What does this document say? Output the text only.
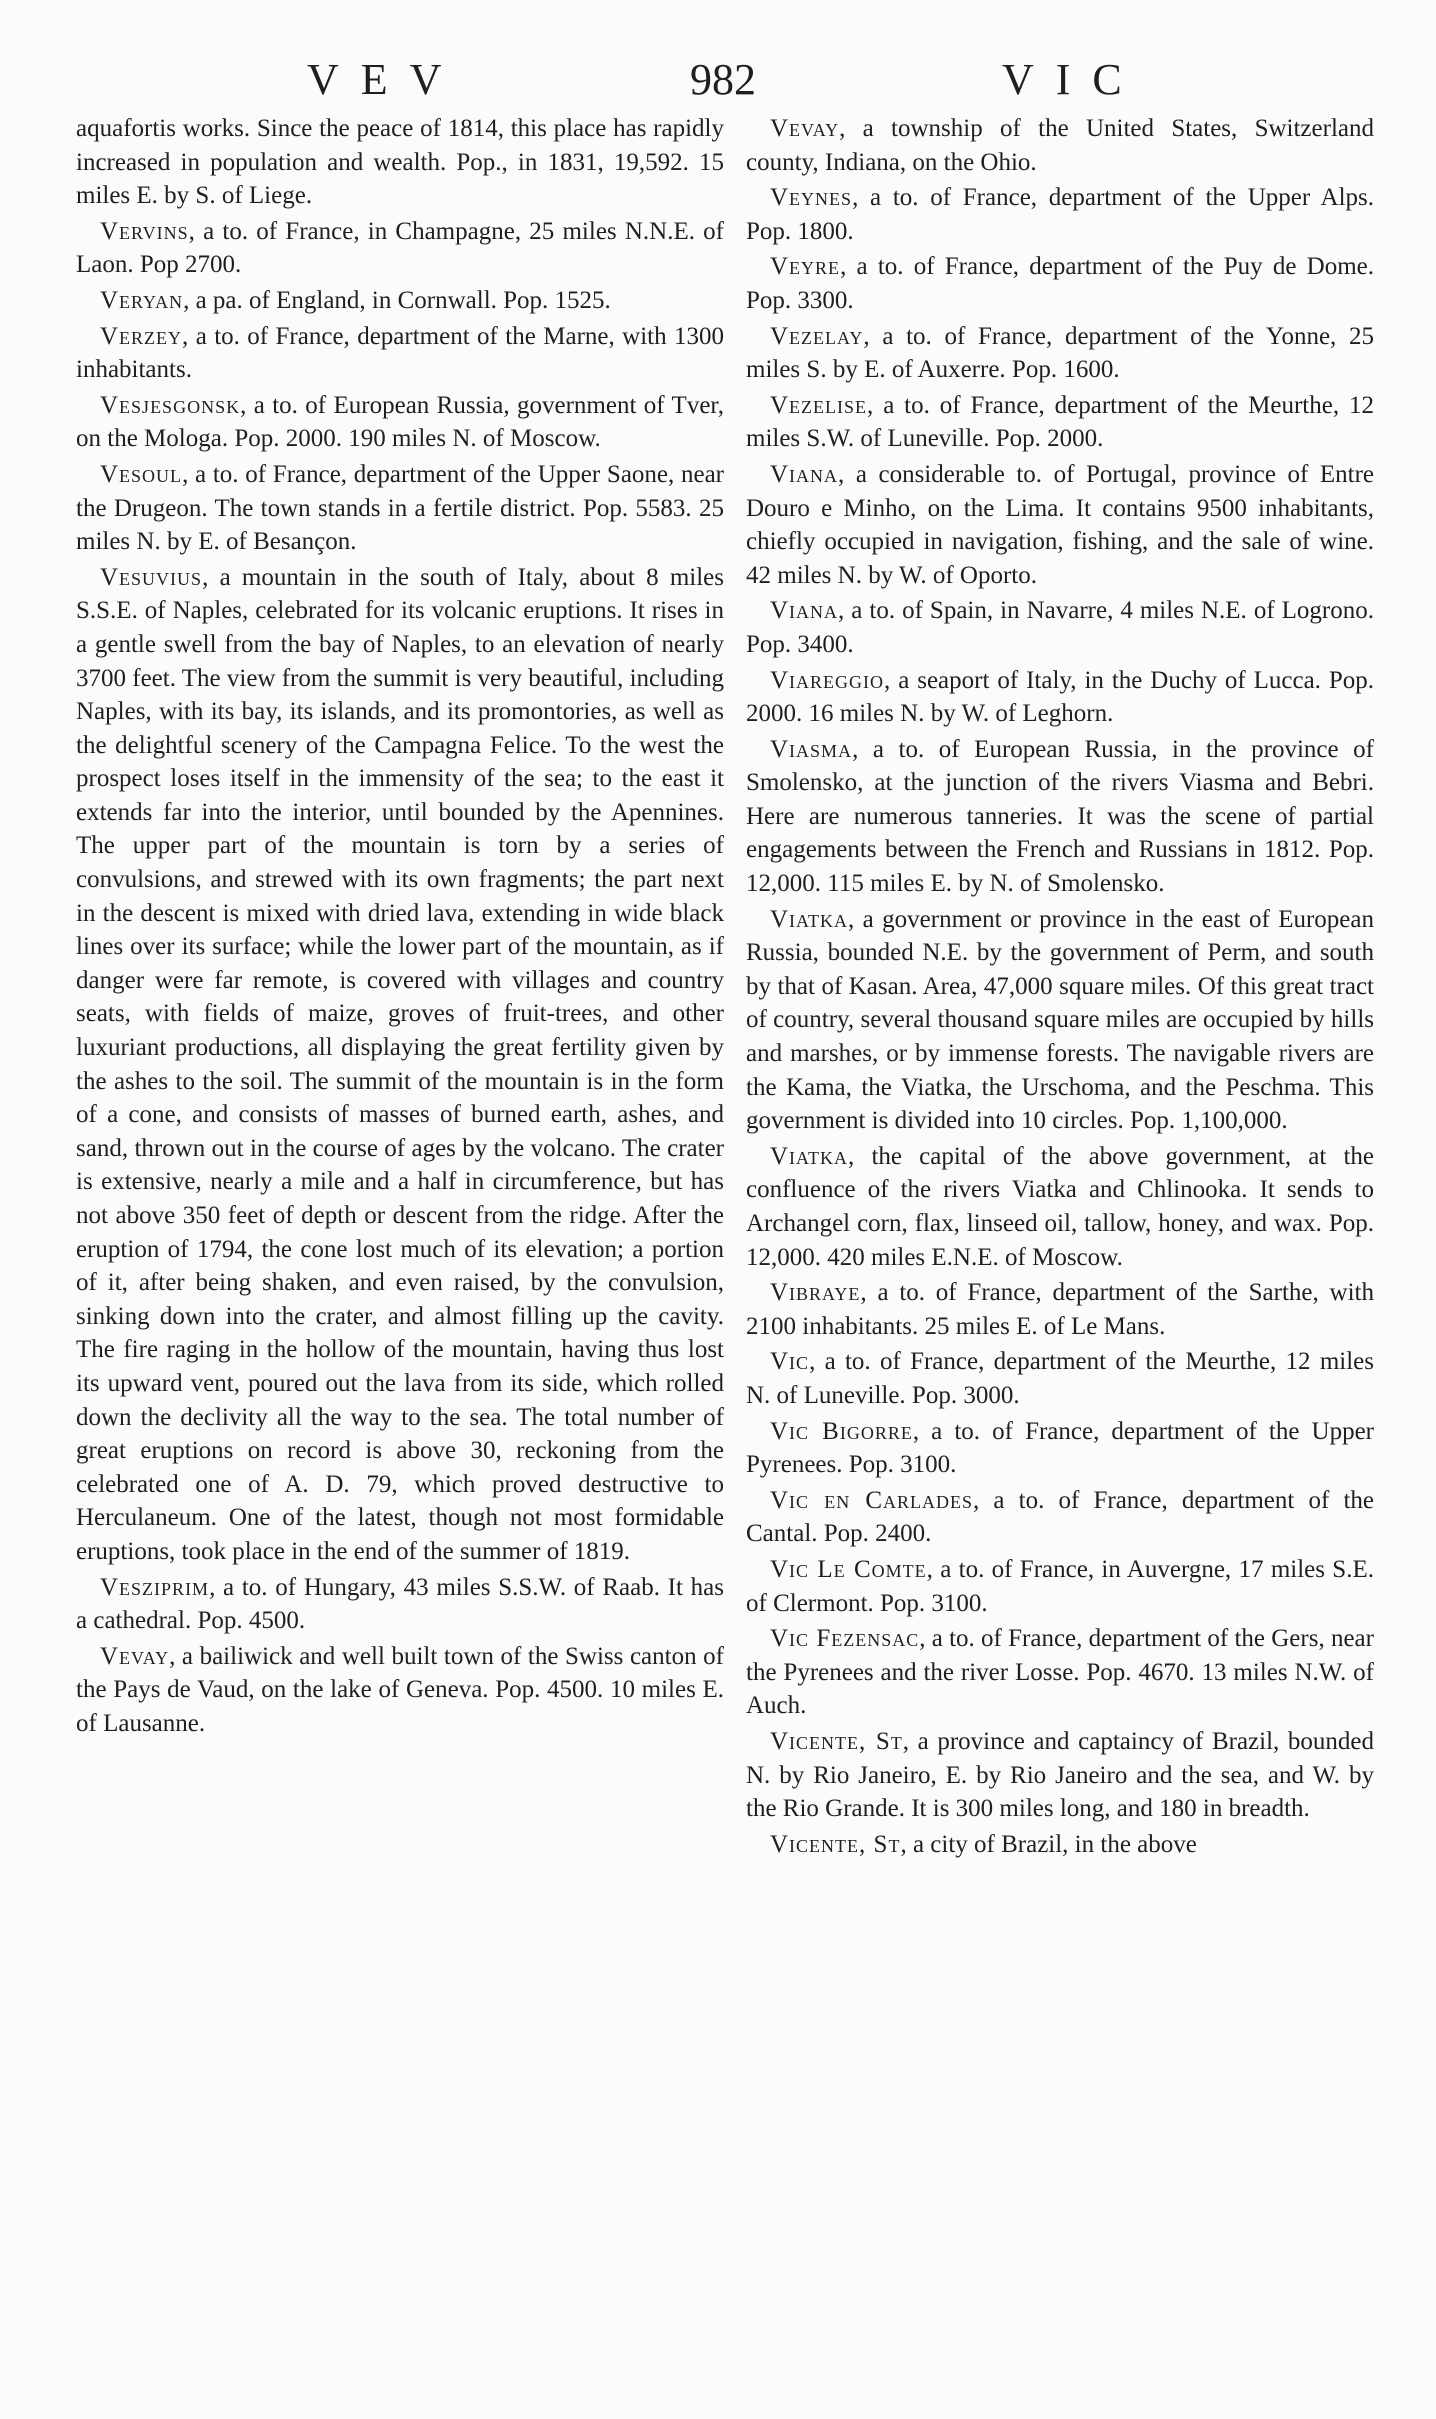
VEV	982	VIC
aquafortis works. Since the peace of 1814, this place has rapidly increased in population and wealth. Pop., in 1831, 19,592. 15 miles E. by S. of Liege.
Vervins, a to. of France, in Champagne, 25 miles N.N.E. of Laon. Pop 2700.
Veryan, a pa. of England, in Cornwall. Pop. 1525.
Verzey, a to. of France, department of the Marne, with 1300 inhabitants.
Vesjesgonsk, a to. of European Russia, government of Tver, on the Mologa. Pop. 2000. 190 miles N. of Moscow.
Vesoul, a to. of France, department of the Upper Saone, near the Drugeon. The town stands in a fertile district. Pop. 5583. 25 miles N. by E. of Besançon.
Vesuvius, a mountain in the south of Italy, about 8 miles S.S.E. of Naples, celebrated for its volcanic eruptions. It rises in a gentle swell from the bay of Naples, to an elevation of nearly 3700 feet. The view from the summit is very beautiful, including Naples, with its bay, its islands, and its promontories, as well as the delightful scenery of the Campagna Felice. To the west the prospect loses itself in the immensity of the sea; to the east it extends far into the interior, until bounded by the Apennines. The upper part of the mountain is torn by a series of convulsions, and strewed with its own fragments; the part next in the descent is mixed with dried lava, extending in wide black lines over its surface; while the lower part of the mountain, as if danger were far remote, is covered with villages and country seats, with fields of maize, groves of fruit-trees, and other luxuriant productions, all displaying the great fertility given by the ashes to the soil. The summit of the mountain is in the form of a cone, and consists of masses of burned earth, ashes, and sand, thrown out in the course of ages by the volcano. The crater is extensive, nearly a mile and a half in circumference, but has not above 350 feet of depth or descent from the ridge. After the eruption of 1794, the cone lost much of its elevation; a portion of it, after being shaken, and even raised, by the convulsion, sinking down into the crater, and almost filling up the cavity. The fire raging in the hollow of the mountain, having thus lost its upward vent, poured out the lava from its side, which rolled down the declivity all the way to the sea. The total number of great eruptions on record is above 30, reckoning from the celebrated one of A. D. 79, which proved destructive to Herculaneum. One of the latest, though not most formidable eruptions, took place in the end of the summer of 1819.
Vesziprim, a to. of Hungary, 43 miles S.S.W. of Raab. It has a cathedral. Pop. 4500.
Vevay, a bailiwick and well built town of the Swiss canton of the Pays de Vaud, on the lake of Geneva. Pop. 4500. 10 miles E. of Lausanne.
Vevay, a township of the United States, Switzerland county, Indiana, on the Ohio.
Veynes, a to. of France, department of the Upper Alps. Pop. 1800.
Veyre, a to. of France, department of the Puy de Dome. Pop. 3300.
Vezelay, a to. of France, department of the Yonne, 25 miles S. by E. of Auxerre. Pop. 1600.
Vezelise, a to. of France, department of the Meurthe, 12 miles S.W. of Luneville. Pop. 2000.
Viana, a considerable to. of Portugal, province of Entre Douro e Minho, on the Lima. It contains 9500 inhabitants, chiefly occupied in navigation, fishing, and the sale of wine. 42 miles N. by W. of Oporto.
Viana, a to. of Spain, in Navarre, 4 miles N.E. of Logrono. Pop. 3400.
Viareggio, a seaport of Italy, in the Duchy of Lucca. Pop. 2000. 16 miles N. by W. of Leghorn.
Viasma, a to. of European Russia, in the province of Smolensko, at the junction of the rivers Viasma and Bebri. Here are numerous tanneries. It was the scene of partial engagements between the French and Russians in 1812. Pop. 12,000. 115 miles E. by N. of Smolensko.
Viatka, a government or province in the east of European Russia, bounded N.E. by the government of Perm, and south by that of Kasan. Area, 47,000 square miles. Of this great tract of country, several thousand square miles are occupied by hills and marshes, or by immense forests. The navigable rivers are the Kama, the Viatka, the Urschoma, and the Peschma. This government is divided into 10 circles. Pop. 1,100,000.
Viatka, the capital of the above government, at the confluence of the rivers Viatka and Chlinooka. It sends to Archangel corn, flax, linseed oil, tallow, honey, and wax. Pop. 12,000. 420 miles E.N.E. of Moscow.
Vibraye, a to. of France, department of the Sarthe, with 2100 inhabitants. 25 miles E. of Le Mans.
Vic, a to. of France, department of the Meurthe, 12 miles N. of Luneville. Pop. 3000.
Vic Bigorre, a to. of France, department of the Upper Pyrenees. Pop. 3100.
Vic en Carlades, a to. of France, department of the Cantal. Pop. 2400.
Vic Le Comte, a to. of France, in Auvergne, 17 miles S.E. of Clermont. Pop. 3100.
Vic Fezensac, a to. of France, department of the Gers, near the Pyrenees and the river Losse. Pop. 4670. 13 miles N.W. of Auch.
Vicente, St, a province and captaincy of Brazil, bounded N. by Rio Janeiro, E. by Rio Janeiro and the sea, and W. by the Rio Grande. It is 300 miles long, and 180 in breadth.
Vicente, St, a city of Brazil, in the above
